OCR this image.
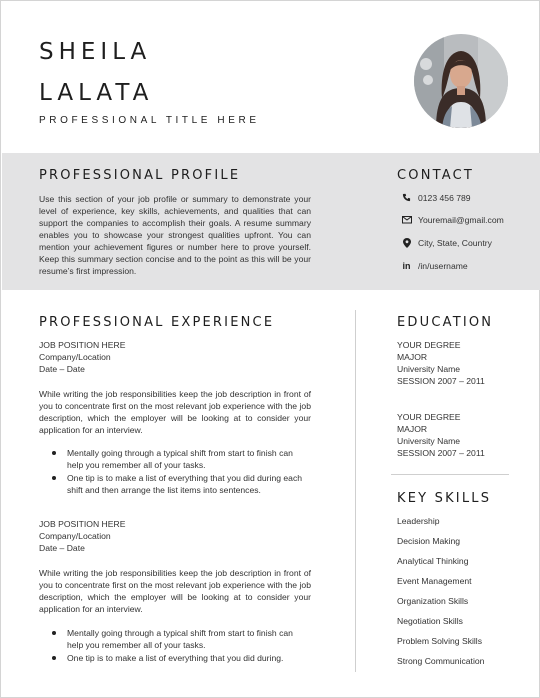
SHEILA
LALATA
PROFESSIONAL TITLE HERE
PROFESSIONAL PROFILE
Use this section of your job profile or summary to demonstrate your level of experience, key skills, achievements, and qualities that can support the companies to accomplish their goals. A resume summary enables you to showcase your strongest qualities upfront. You can mention your achievement figures or number here to prove yourself. Keep this summary section concise and to the point as this will be your resume’s first impression.
CONTACT
0123 456 789
Youremail@gmail.com
City, State, Country
in /in/username
PROFESSIONAL EXPERIENCE
JOB POSITION HERE
Company/Location
Date – Date
While writing the job responsibilities keep the job description in front of you to concentrate first on the most relevant job experience with the job description, which the employer will be looking at to consider your application for an interview.
Mentally going through a typical shift from start to finish can help you remember all of your tasks.
One tip is to make a list of everything that you did during each shift and then arrange the list items into sentences.
JOB POSITION HERE
Company/Location
Date – Date
While writing the job responsibilities keep the job description in front of you to concentrate first on the most relevant job experience with the job description, which the employer will be looking at to consider your application for an interview.
Mentally going through a typical shift from start to finish can help you remember all of your tasks.
One tip is to make a list of everything that you did during.
EDUCATION
YOUR DEGREE
MAJOR
University Name
SESSION 2007 – 2011
YOUR DEGREE
MAJOR
University Name
SESSION 2007 – 2011
KEY SKILLS
Leadership
Decision Making
Analytical Thinking
Event Management
Organization Skills
Negotiation Skills
Problem Solving Skills
Strong Communication
